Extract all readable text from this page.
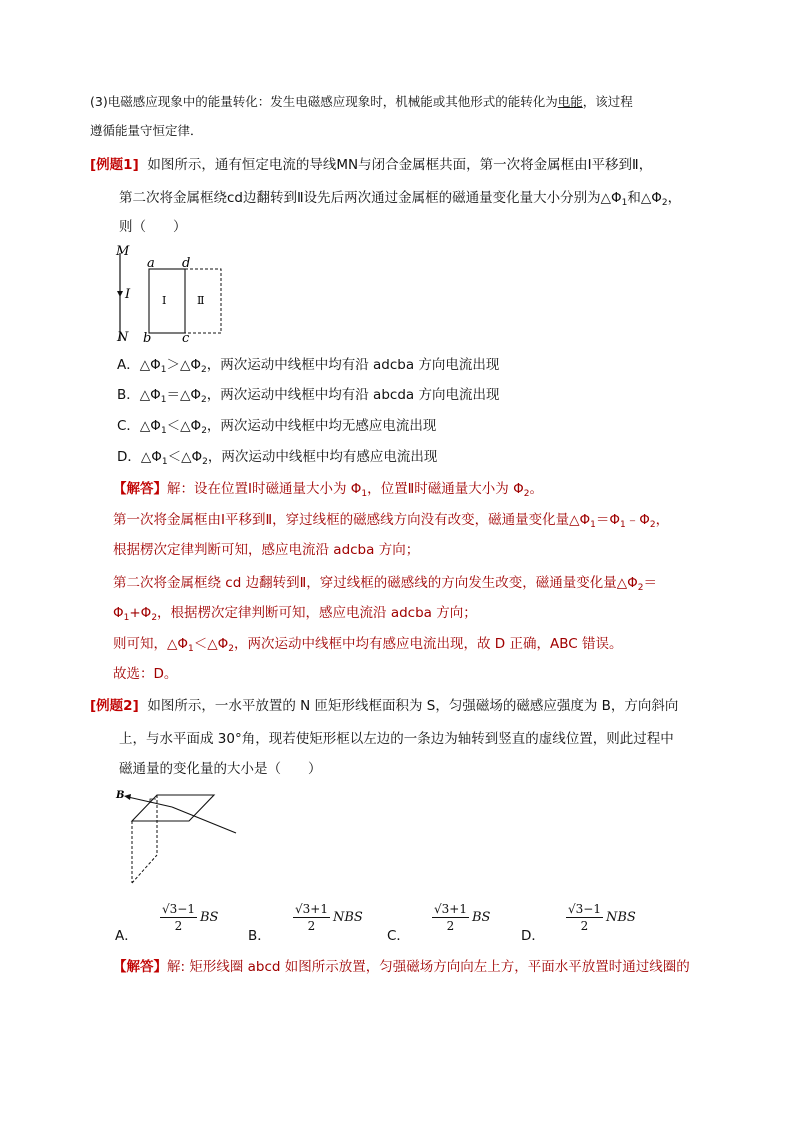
(3)电磁感应现象中的能量转化：发生电磁感应现象时，机械能或其他形式的能转化为电能，该过程
遵循能量守恒定律．
[例题1] 如图所示，通有恒定电流的导线MN与闭合金属框共面，第一次将金属框由Ⅰ平移到Ⅱ，
第二次将金属框绕cd边翻转到Ⅱ设先后两次通过金属框的磁通量变化量大小分别为$\triangle\Phi_1$和$\triangle\Phi_2$，
则（　　）
M
I
N
a d
b c
Ⅰ	Ⅱ
A．$\triangle\Phi_1>\triangle\Phi_2$，两次运动中线框中均有沿 adcba 方向电流出现
B．$\triangle\Phi_1=\triangle\Phi_2$，两次运动中线框中均有沿 abcda 方向电流出现
C．$\triangle\Phi_1<\triangle\Phi_2$，两次运动中线框中均无感应电流出现
D．$\triangle\Phi_1<\triangle\Phi_2$，两次运动中线框中均有感应电流出现
【解答】解：设在位置Ⅰ时磁通量大小为 $\Phi_1$，位置Ⅱ时磁通量大小为 $\Phi_2$。
第一次将金属框由Ⅰ平移到Ⅱ，穿过线框的磁感线方向没有改变，磁通量变化量$\triangle\Phi_1=\Phi_1﹣\Phi_2$，
根据楞次定律判断可知，感应电流沿 adcba 方向；
第二次将金属框绕 cd 边翻转到Ⅱ，穿过线框的磁感线的方向发生改变，磁通量变化量$\triangle\Phi_2=$
$\Phi_1+\Phi_2$，根据楞次定律判断可知，感应电流沿 adcba 方向；
则可知，$\triangle\Phi_1<\triangle\Phi_2$，两次运动中线框中均有感应电流出现，故 D 正确，ABC 错误。
故选：D。
[例题2] 如图所示，一水平放置的 N 匝矩形线框面积为 S，匀强磁场的磁感应强度为 B，方向斜向
上，与水平面成 30°角，现若使矩形框以左边的一条边为轴转到竖直的虚线位置，则此过程中
磁通量的变化量的大小是（　　）
B
A．
$\frac{√3-1}{2}$ BS
B．
$\frac{√3+1}{2}$ NBS
C．
$\frac{√3+1}{2}$ BS
D．
$\frac{√3-1}{2}$ NBS
【解答】解: 矩形线圈 abcd 如图所示放置，匀强磁场方向向左上方，平面水平放置时通过线圈的
